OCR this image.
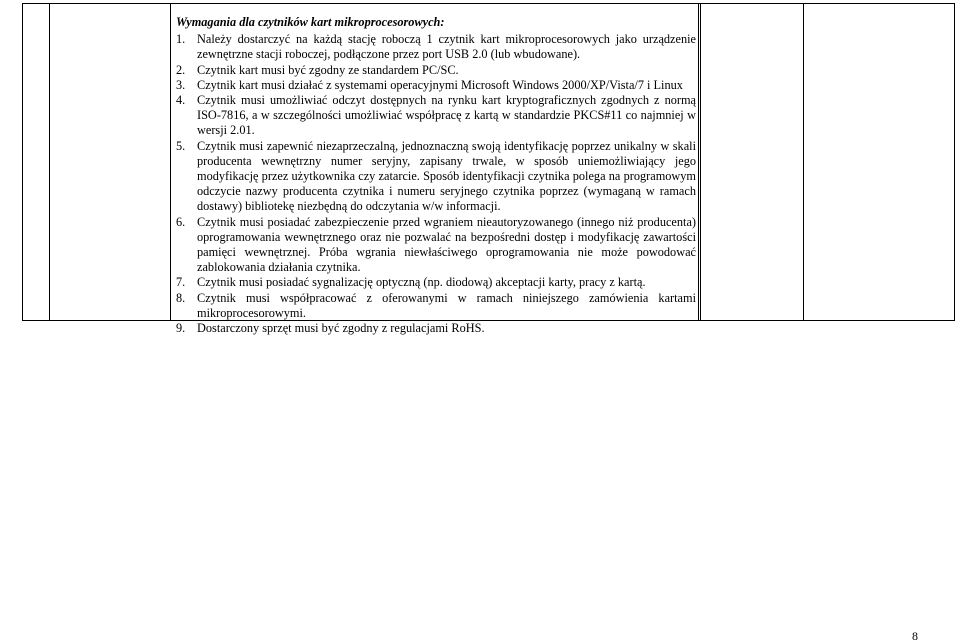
Wymagania dla czytników kart mikroprocesorowych:

1. Należy dostarczyć na każdą stację roboczą 1 czytnik kart mikroprocesorowych jako urządzenie zewnętrzne stacji roboczej, podłączone przez port USB 2.0 (lub wbudowane).
2. Czytnik kart musi być zgodny ze standardem PC/SC.
3. Czytnik kart musi działać z systemami operacyjnymi Microsoft Windows 2000/XP/Vista/7 i Linux
4. Czytnik musi umożliwiać odczyt dostępnych na rynku kart kryptograficznych zgodnych z normą ISO-7816, a w szczególności umożliwiać współpracę z kartą w standardzie PKCS#11 co najmniej w wersji 2.01.
5. Czytnik musi zapewnić niezaprzeczalną, jednoznaczną swoją identyfikację poprzez unikalny w skali producenta wewnętrzny numer seryjny, zapisany trwale, w sposób uniemożliwiający jego modyfikację przez użytkownika czy zatarcie. Sposób identyfikacji czytnika polega na programowym odczycie nazwy producenta czytnika i numeru seryjnego czytnika poprzez (wymaganą w ramach dostawy) bibliotekę niezbędną do odczytania w/w informacji.
6. Czytnik musi posiadać zabezpieczenie przed wgraniem nieautoryzowanego (innego niż producenta) oprogramowania wewnętrznego oraz nie pozwalać na bezpośredni dostęp i modyfikację zawartości pamięci wewnętrznej. Próba wgrania niewłaściwego oprogramowania nie może powodować zablokowania działania czytnika.
7. Czytnik musi posiadać sygnalizację optyczną (np. diodową) akceptacji karty, pracy z kartą.
8. Czytnik musi współpracować z oferowanymi w ramach niniejszego zamówienia kartami mikroprocesorowymi.
9. Dostarczony sprzęt musi być zgodny z regulacjami RoHS.
8
